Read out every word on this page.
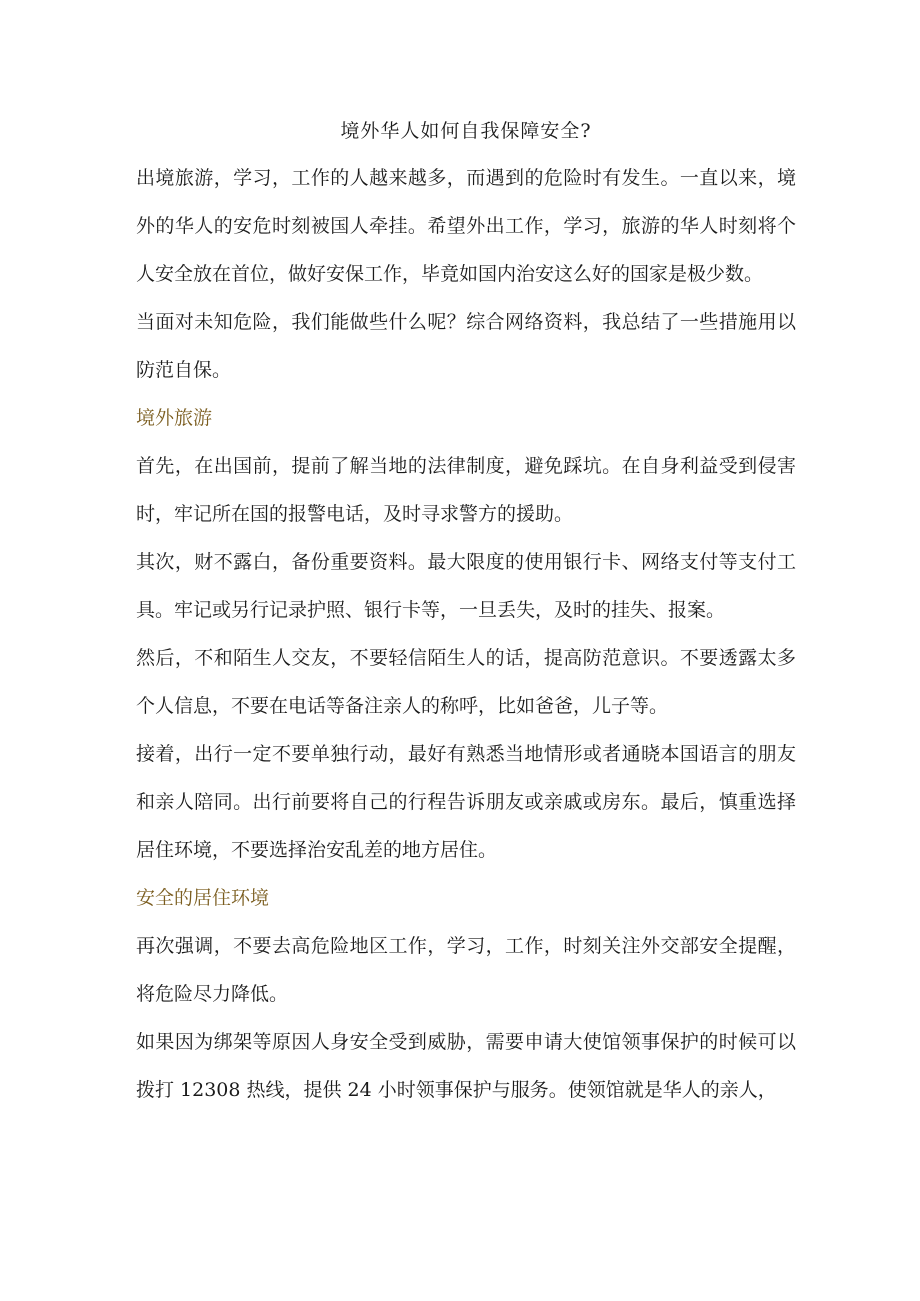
境外华人如何自我保障安全?

出境旅游，学习，工作的人越来越多，而遇到的危险时有发生。一直以来，境外的华人的安危时刻被国人牵挂。希望外出工作，学习，旅游的华人时刻将个人安全放在首位，做好安保工作，毕竟如国内治安这么好的国家是极少数。

当面对未知危险，我们能做些什么呢？综合网络资料，我总结了一些措施用以防范自保。

境外旅游

首先，在出国前，提前了解当地的法律制度，避免踩坑。在自身利益受到侵害时，牢记所在国的报警电话，及时寻求警方的援助。

其次，财不露白，备份重要资料。最大限度的使用银行卡、网络支付等支付工具。牢记或另行记录护照、银行卡等，一旦丢失，及时的挂失、报案。

然后，不和陌生人交友，不要轻信陌生人的话，提高防范意识。不要透露太多个人信息，不要在电话等备注亲人的称呼，比如爸爸，儿子等。

接着，出行一定不要单独行动，最好有熟悉当地情形或者通晓本国语言的朋友和亲人陪同。出行前要将自己的行程告诉朋友或亲戚或房东。最后，慎重选择居住环境，不要选择治安乱差的地方居住。

安全的居住环境

再次强调，不要去高危险地区工作，学习，工作，时刻关注外交部安全提醒，将危险尽力降低。

如果因为绑架等原因人身安全受到威胁，需要申请大使馆领事保护的时候可以拨打 12308 热线，提供 24 小时领事保护与服务。使领馆就是华人的亲人，
